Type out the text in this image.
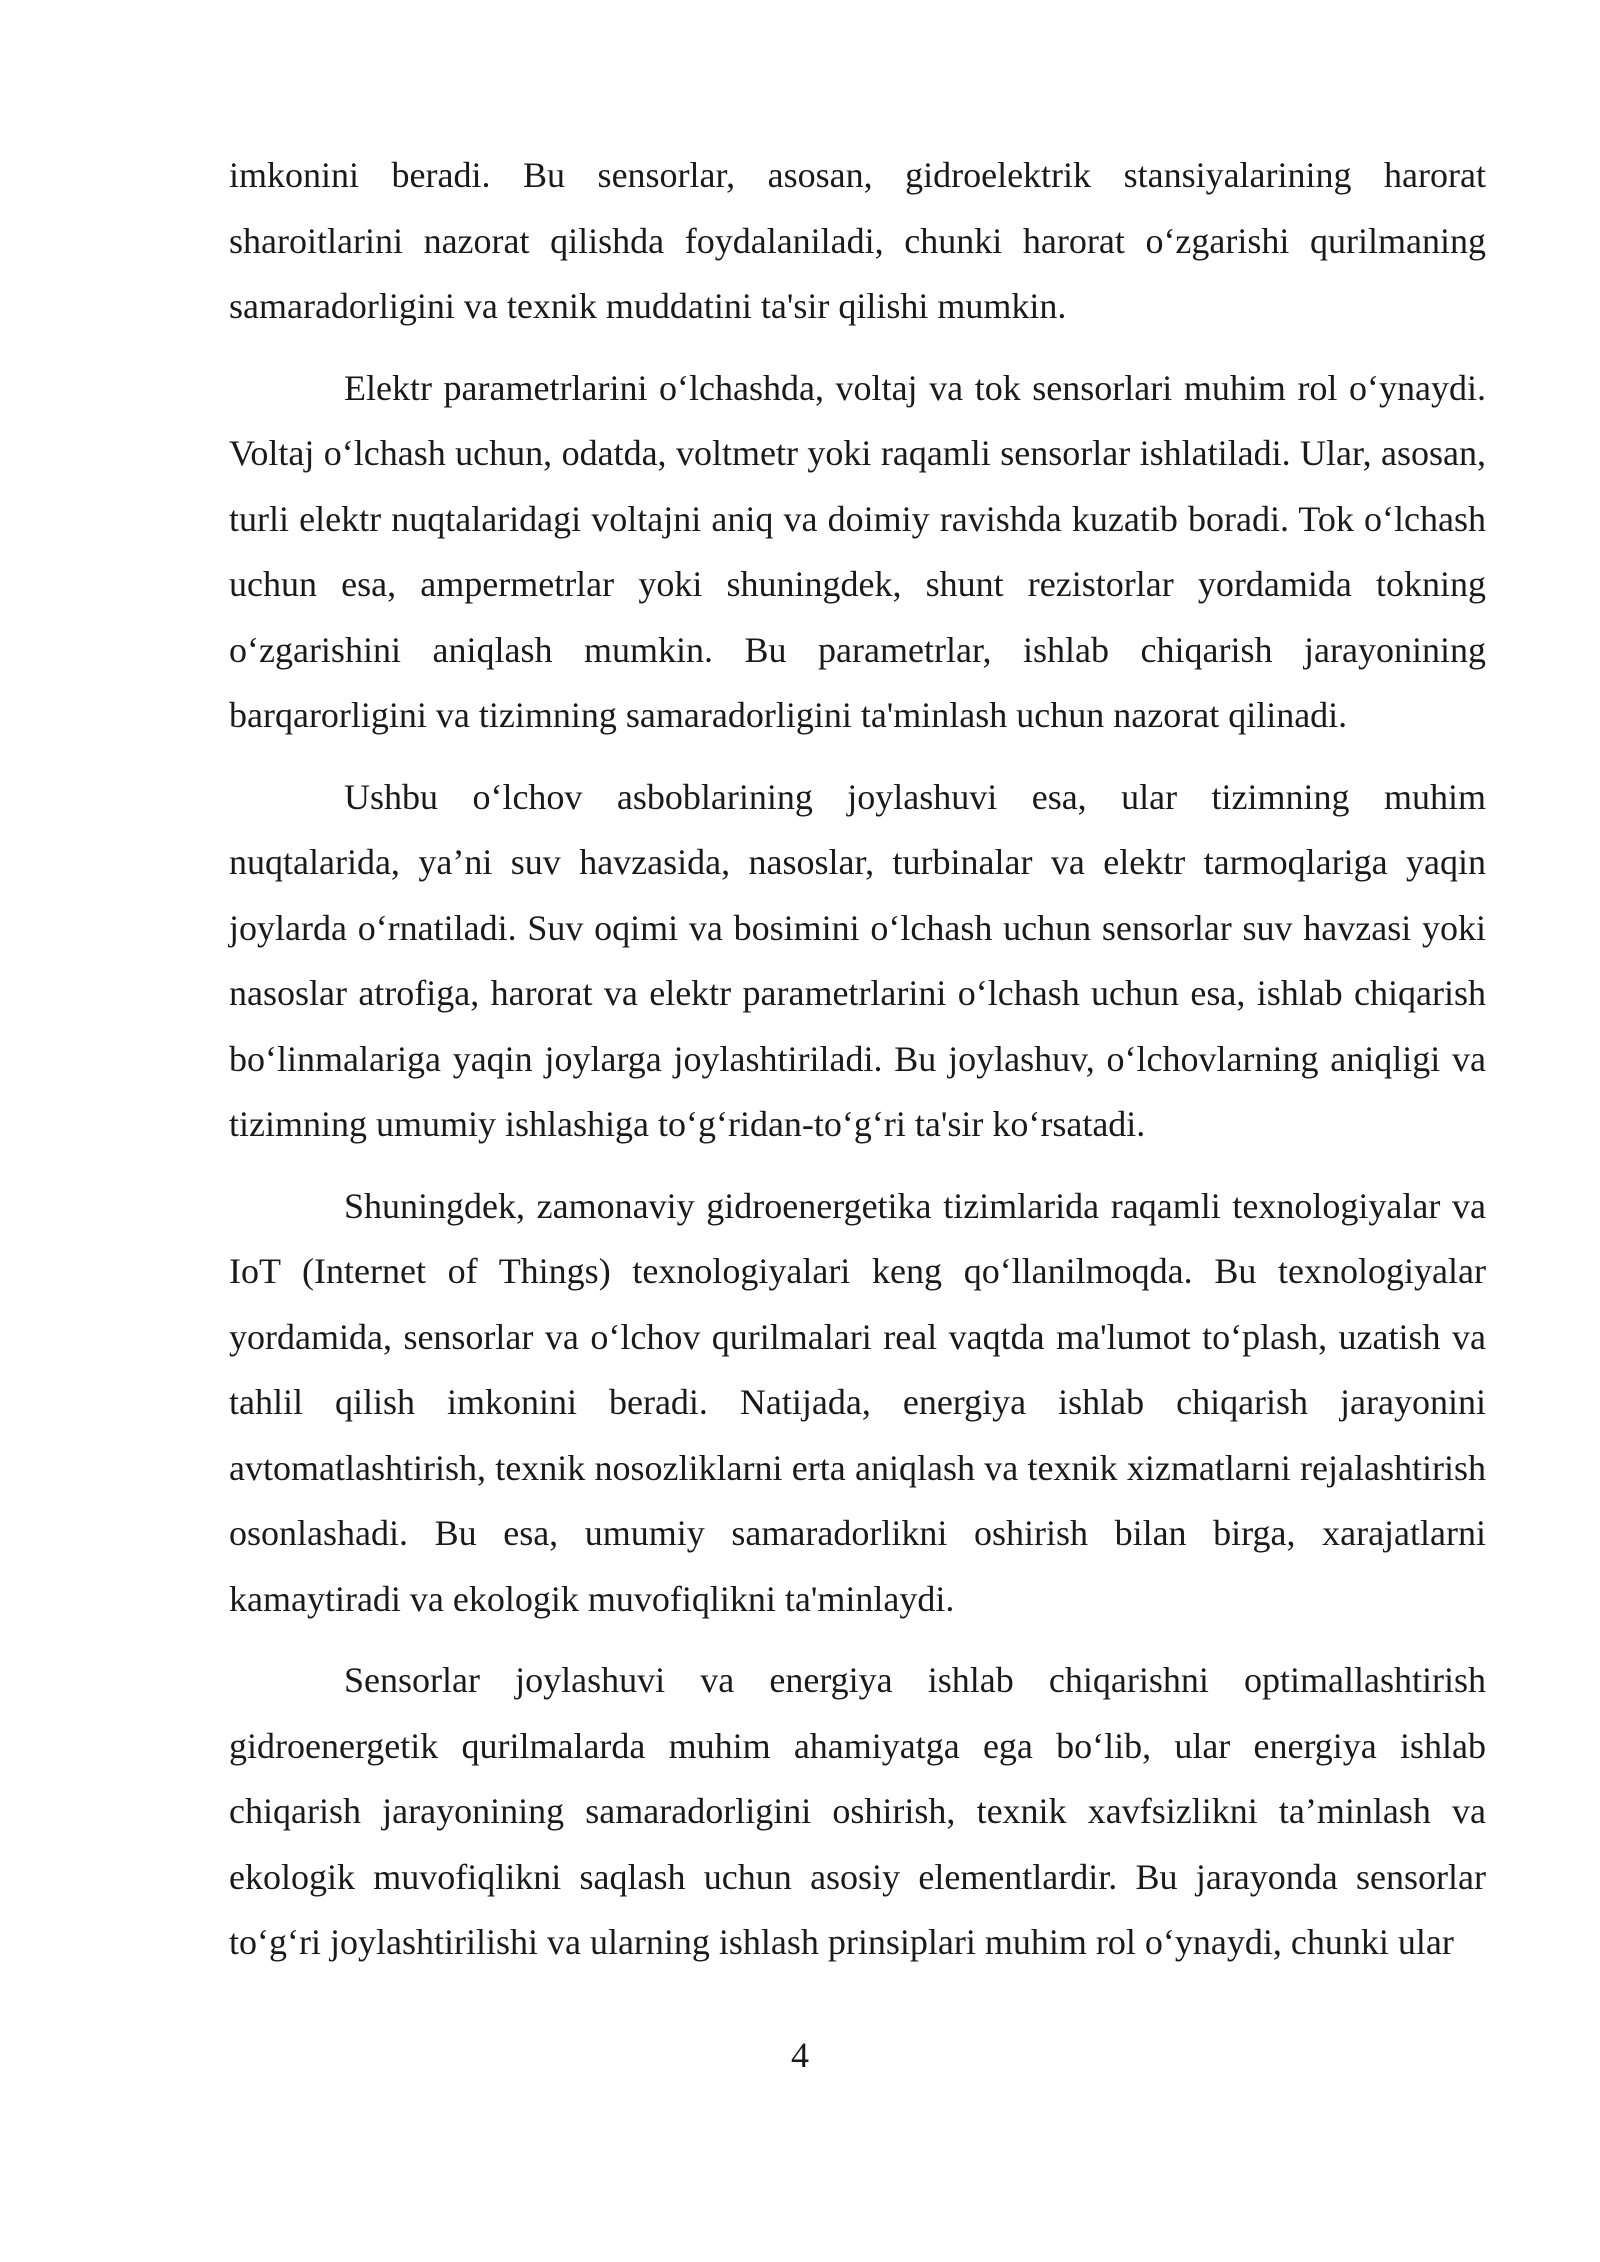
imkonini beradi. Bu sensorlar, asosan, gidroelektrik stansiyalarining harorat sharoitlarini nazorat qilishda foydalaniladi, chunki harorat o‘zgarishi qurilmaning samaradorligini va texnik muddatini ta'sir qilishi mumkin.

Elektr parametrlarini o‘lchashda, voltaj va tok sensorlari muhim rol o‘ynaydi. Voltaj o‘lchash uchun, odatda, voltmetr yoki raqamli sensorlar ishlatiladi. Ular, asosan, turli elektr nuqtalaridagi voltajni aniq va doimiy ravishda kuzatib boradi. Tok o‘lchash uchun esa, ampermetrlar yoki shuningdek, shunt rezistorlar yordamida tokning o‘zgarishini aniqlash mumkin. Bu parametrlar, ishlab chiqarish jarayonining barqarorligini va tizimning samaradorligini ta'minlash uchun nazorat qilinadi.

Ushbu o‘lchov asboblarining joylashuvi esa, ular tizimning muhim nuqtalarida, ya’ni suv havzasida, nasoslar, turbinalar va elektr tarmoqlariga yaqin joylarda o‘rnatiladi. Suv oqimi va bosimini o‘lchash uchun sensorlar suv havzasi yoki nasoslar atrofiga, harorat va elektr parametrlarini o‘lchash uchun esa, ishlab chiqarish bo‘linmalariga yaqin joylarga joylashtiriladi. Bu joylashuv, o‘lchovlarning aniqligi va tizimning umumiy ishlashiga to‘g‘ridan-to‘g‘ri ta'sir ko‘rsatadi.

Shuningdek, zamonaviy gidroenergetika tizimlarida raqamli texnologiyalar va IoT (Internet of Things) texnologiyalari keng qo‘llanilmoqda. Bu texnologiyalar yordamida, sensorlar va o‘lchov qurilmalari real vaqtda ma'lumot to‘plash, uzatish va tahlil qilish imkonini beradi. Natijada, energiya ishlab chiqarish jarayonini avtomatlashtirish, texnik nosozliklarni erta aniqlash va texnik xizmatlarni rejalashtirish osonlashadi. Bu esa, umumiy samaradorlikni oshirish bilan birga, xarajatlarni kamaytiradi va ekologik muvofiqlikni ta'minlaydi.

Sensorlar joylashuvi va energiya ishlab chiqarishni optimallashtirish gidroenergetik qurilmalarda muhim ahamiyatga ega bo‘lib, ular energiya ishlab chiqarish jarayonining samaradorligini oshirish, texnik xavfsizlikni ta’minlash va ekologik muvofiqlikni saqlash uchun asosiy elementlardir. Bu jarayonda sensorlar to‘g‘ri joylashtirilishi va ularning ishlash prinsiplari muhim rol o‘ynaydi, chunki ular

4
